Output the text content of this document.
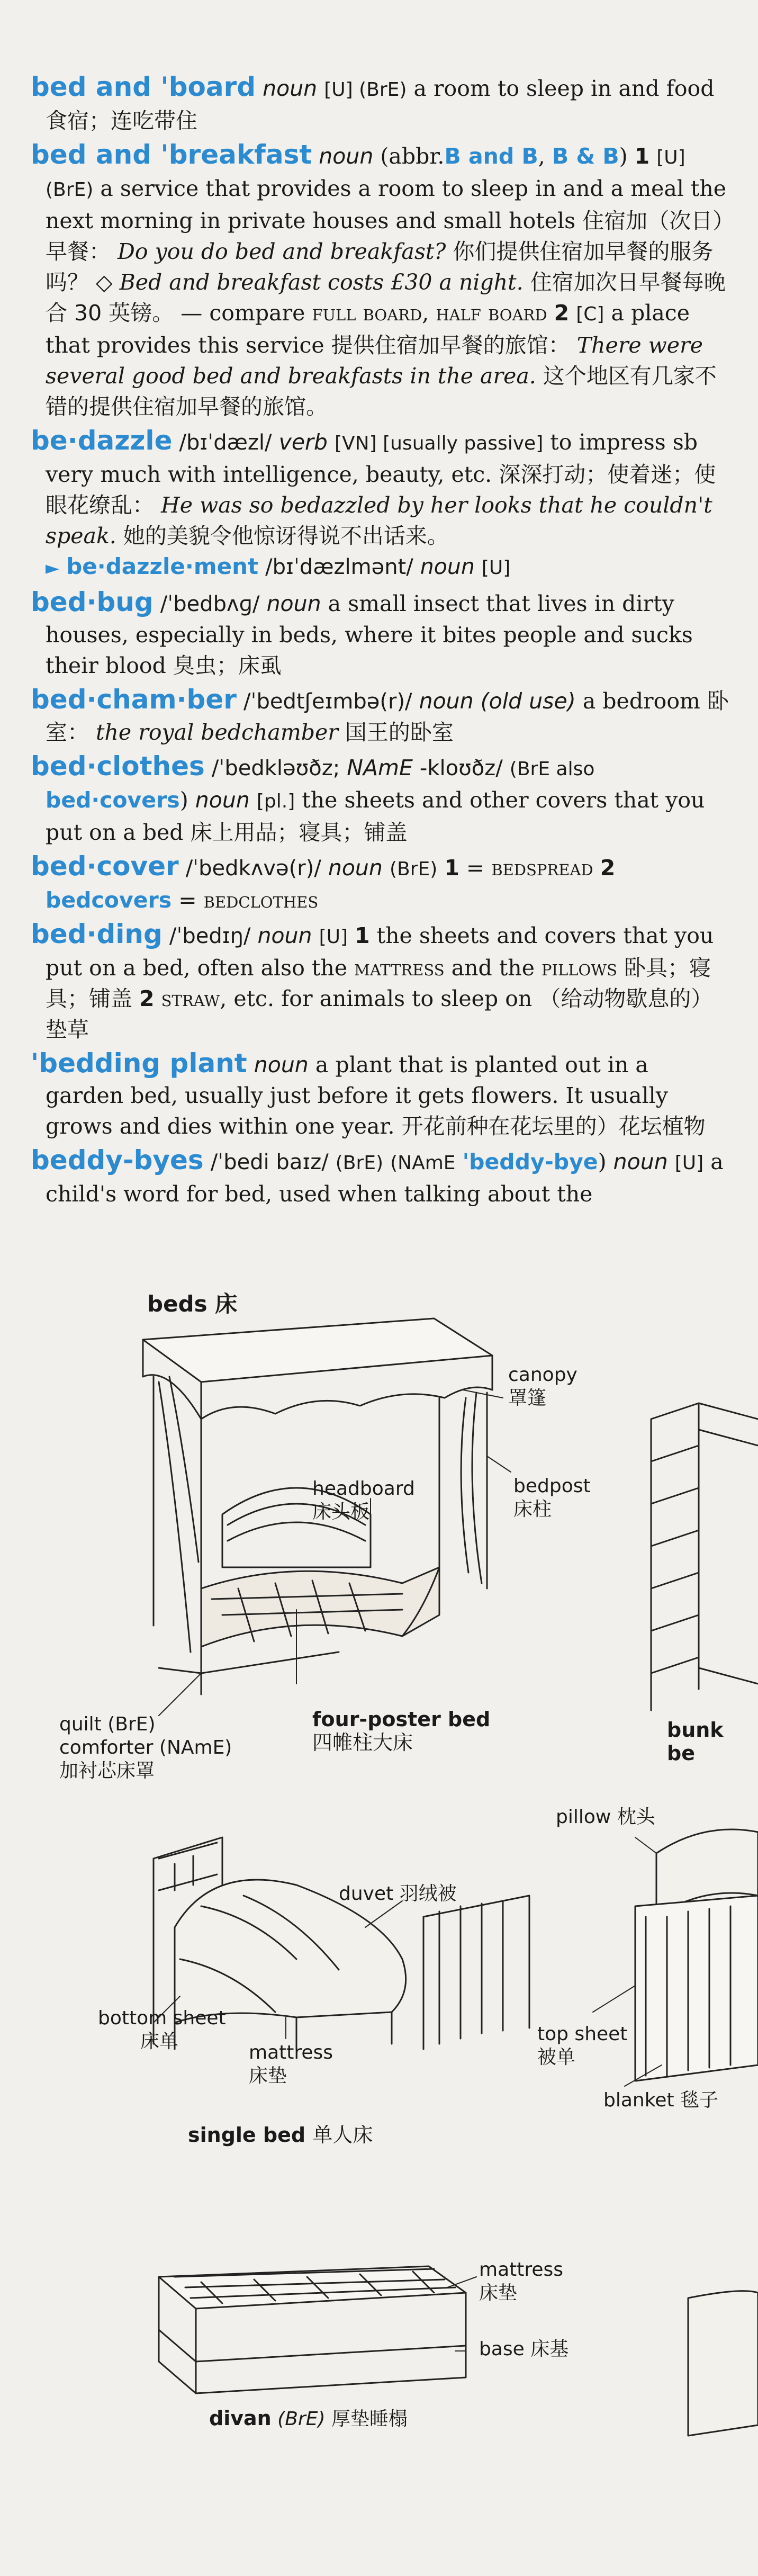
bed and 'board noun [U] (BrE) a room to sleep in and food 食宿；连吃带住

bed and 'breakfast noun (abbr.B and B, B & B) 1 [U] (BrE) a service that provides a room to sleep in and a meal the next morning in private houses and small hotels 住宿加（次日）早餐： Do you do bed and breakfast? 你们提供住宿加早餐的服务吗？ ◇ Bed and breakfast costs £30 a night. 住宿加次日早餐每晚合 30 英镑。 — compare full board, half board 2 [C] a place that provides this service 提供住宿加早餐的旅馆： There were several good bed and breakfasts in the area. 这个地区有几家不错的提供住宿加早餐的旅馆。

be·dazzle /bɪˈdæzl/ verb [VN] [usually passive] to impress sb very much with intelligence, beauty, etc. 深深打动；使着迷；使眼花缭乱： He was so bedazzled by her looks that he couldn't speak. 她的美貌令他惊讶得说不出话来。
► be·dazzle·ment /bɪˈdæzlmənt/ noun [U]

bed·bug /ˈbedbʌɡ/ noun a small insect that lives in dirty houses, especially in beds, where it bites people and sucks their blood 臭虫；床虱

bed·cham·ber /ˈbedtʃeɪmbə(r)/ noun (old use) a bedroom 卧室： the royal bedchamber 国王的卧室

bed·clothes /ˈbedkləʊðz; NAmE -kloʊðz/ (BrE also bed·covers) noun [pl.] the sheets and other covers that you put on a bed 床上用品；寝具；铺盖

bed·cover /ˈbedkʌvə(r)/ noun (BrE) 1 = bedspread 2 bedcovers = bedclothes

bed·ding /ˈbedɪŋ/ noun [U] 1 the sheets and covers that you put on a bed, often also the mattress and the pillows 卧具；寝具；铺盖 2 straw, etc. for animals to sleep on （给动物歇息的）垫草

'bedding plant noun a plant that is planted out in a garden bed, usually just before it gets flowers. It usually grows and dies within one year. 开花前种在花坛里的）花坛植物

beddy-byes /ˈbedi baɪz/ (BrE) (NAmE 'beddy-bye) noun [U] a child's word for bed, used when talking about the

beds 床
canopy
罩篷
headboard
床头板
bedpost
床柱
quilt (BrE)
comforter (NAmE)
加衬芯床罩
four-poster bed
四帷柱大床
bunk be
pillow 枕头
duvet 羽绒被
bottom sheet
床单
mattress
床垫
top sheet
被单
blanket 毯子
single bed 单人床
mattress
床垫
base 床基
divan (BrE) 厚垫睡榻
